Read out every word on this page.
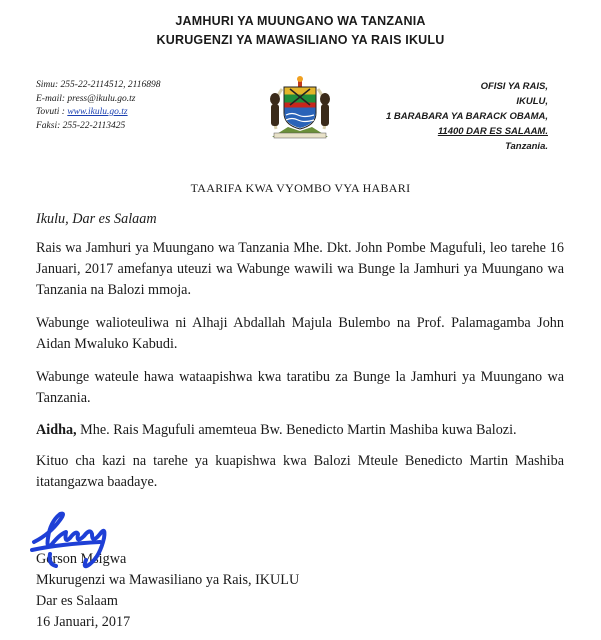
JAMHURI YA MUUNGANO WA TANZANIA
KURUGENZI YA MAWASILIANO YA RAIS IKULU
Simu: 255-22-2114512, 2116898
E-mail: press@ikulu.go.tz
Tovuti : www.ikulu.go.tz
Faksi: 255-22-2113425
OFISI YA RAIS,
IKULU,
1 BARABARA YA BARACK OBAMA,
11400 DAR ES SALAAM.
Tanzania.
TAARIFA KWA VYOMBO VYA HABARI
Ikulu, Dar es Salaam
Rais wa Jamhuri ya Muungano wa Tanzania Mhe. Dkt. John Pombe Magufuli, leo tarehe 16 Januari, 2017 amefanya uteuzi wa Wabunge wawili wa Bunge la Jamhuri ya Muungano wa Tanzania na Balozi mmoja.
Wabunge walioteuliwa ni Alhaji Abdallah Majula Bulembo na Prof. Palamagamba John Aidan Mwaluko Kabudi.
Wabunge wateule hawa wataapishwa kwa taratibu za Bunge la Jamhuri ya Muungano wa Tanzania.
Aidha, Mhe. Rais Magufuli amemteua Bw. Benedicto Martin Mashiba kuwa Balozi.
Kituo cha kazi na tarehe ya kuapishwa kwa Balozi Mteule Benedicto Martin Mashiba itatangazwa baadaye.
Gerson Msigwa
Mkurugenzi wa Mawasiliano ya Rais, IKULU
Dar es Salaam
16 Januari, 2017
